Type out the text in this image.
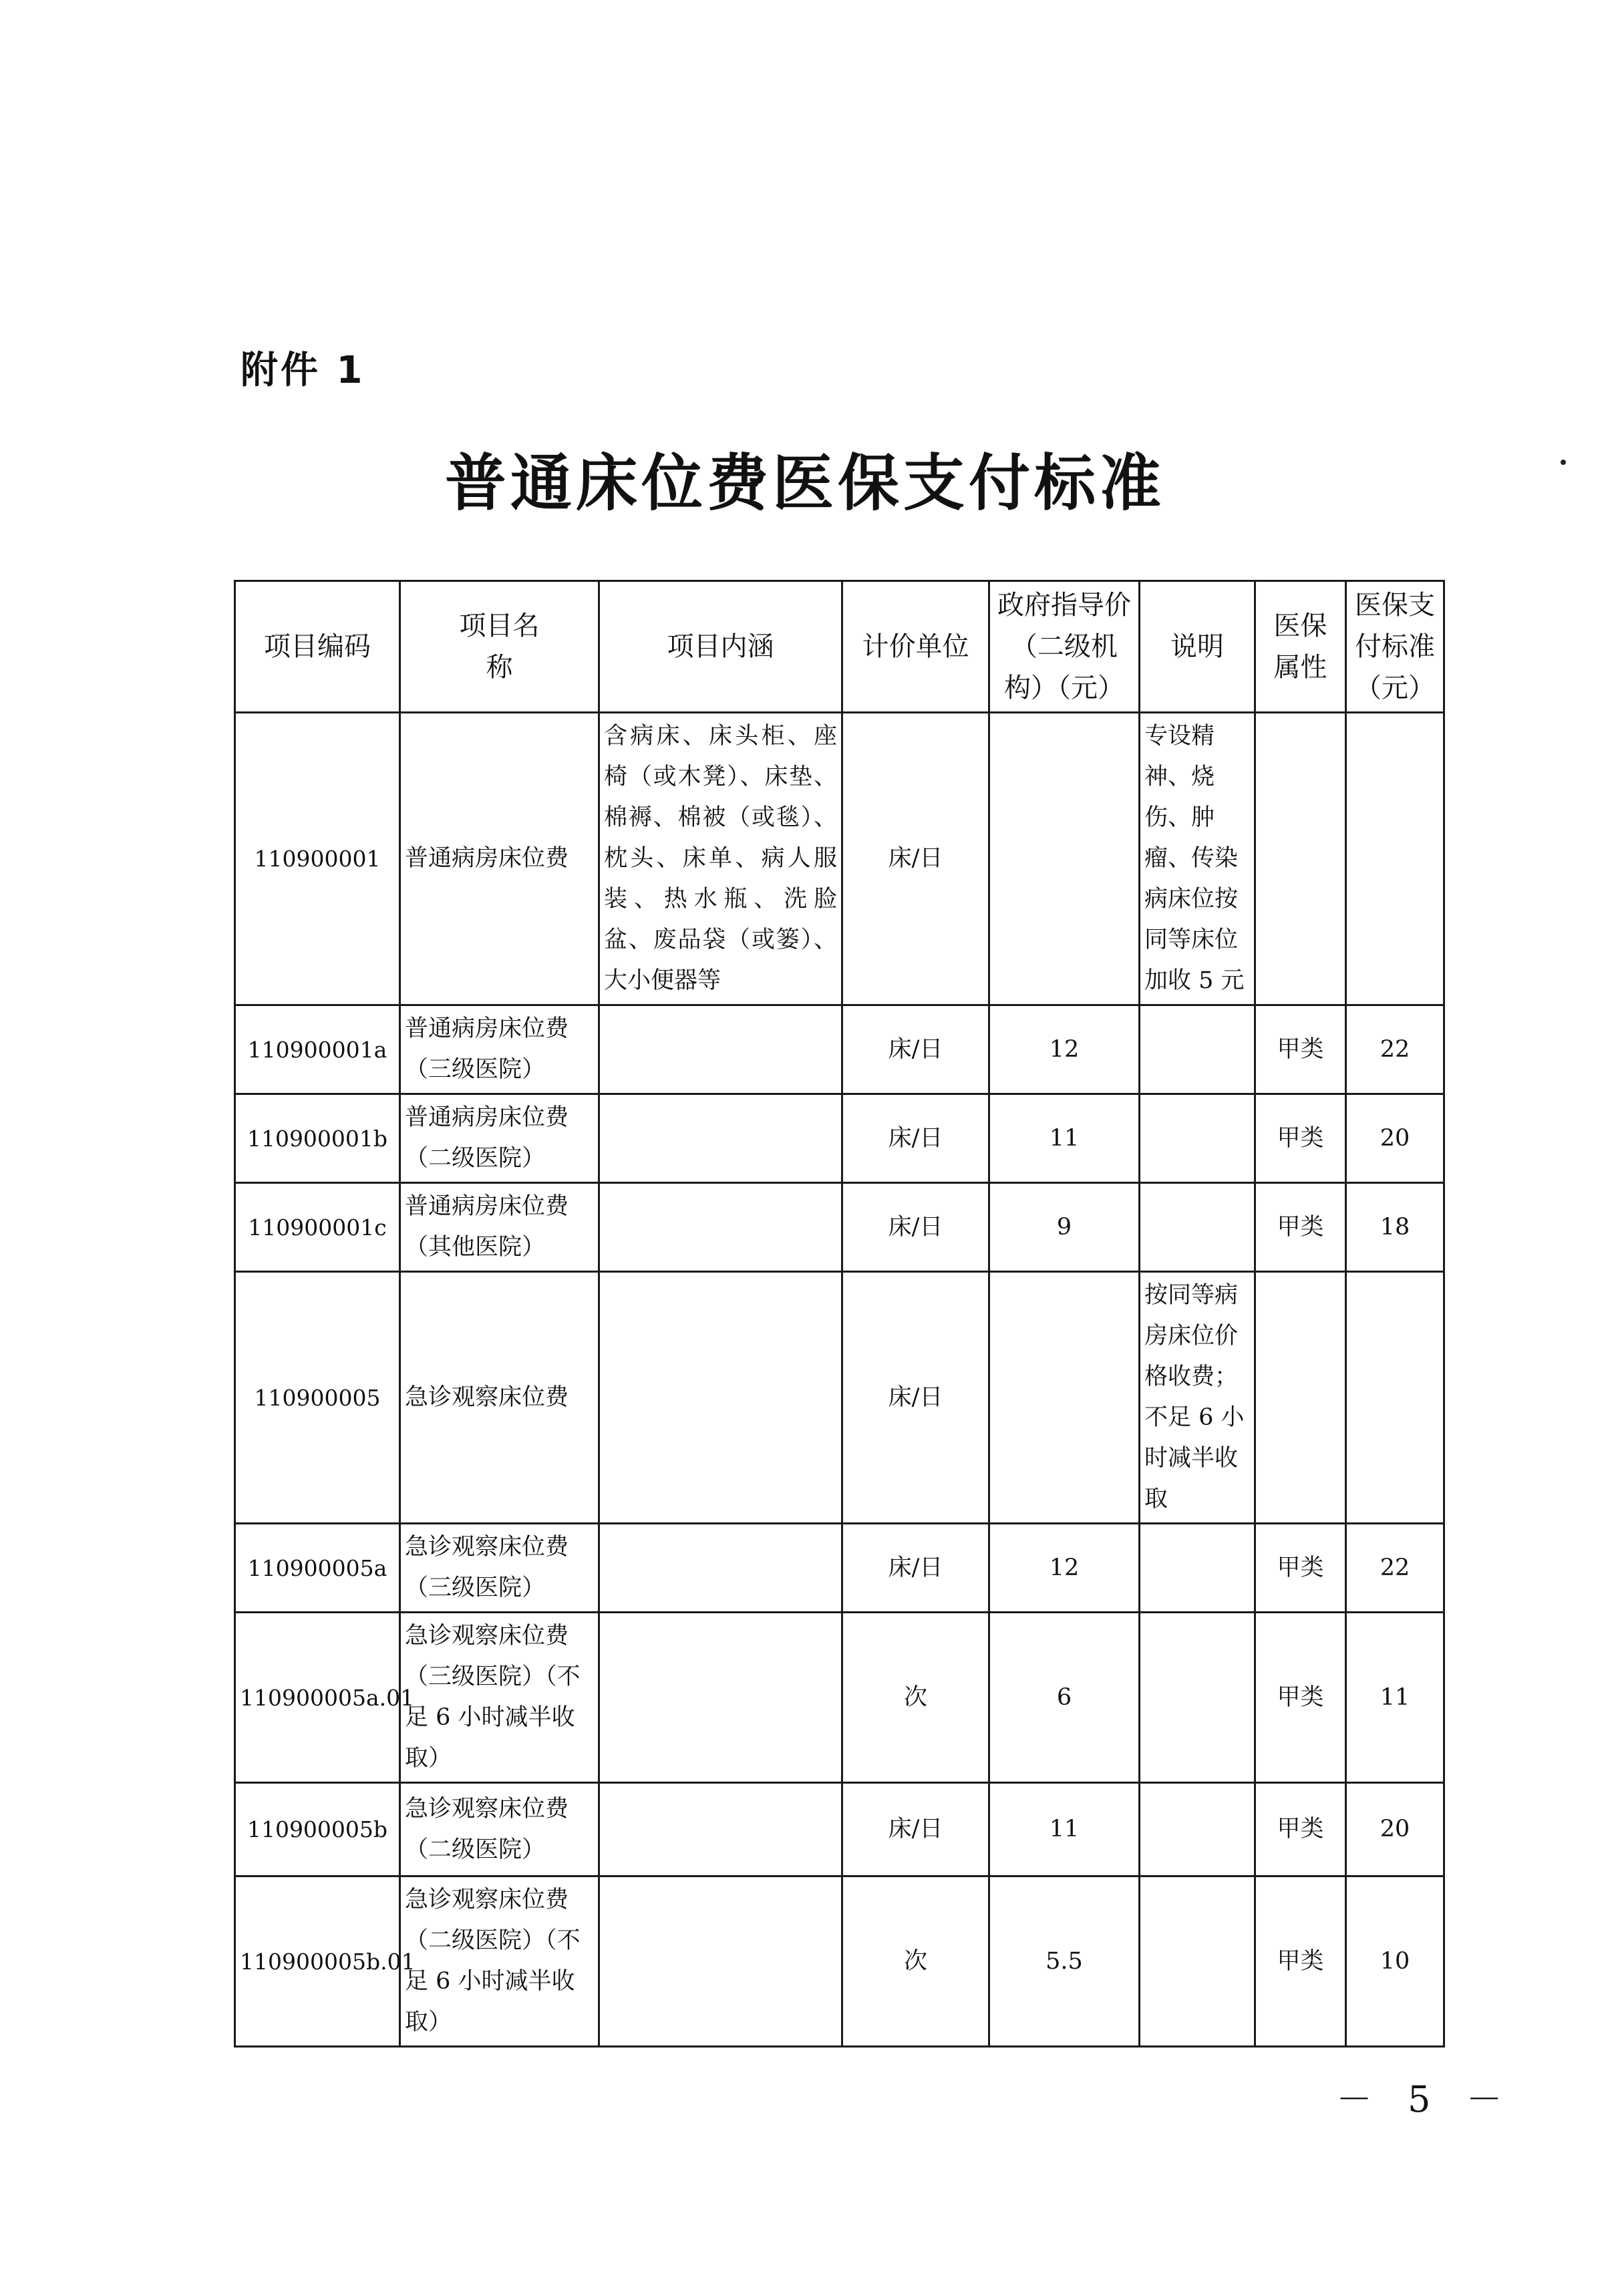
附件 1
普通床位费医保支付标准
项目编码	项目名称	项目内涵	计价单位	政府指导价（二级机构）（元）	说明	医保属性	医保支付标准（元）
110900001	普通病房床位费	含病床、床头柜、座椅（或木凳）、床垫、棉褥、棉被（或毯）、枕头、床单、病人服装、热水瓶、洗脸盆、废品袋（或篓）、大小便器等	床/日		专设精神、烧伤、肿瘤、传染病床位按同等床位加收 5 元		
110900001a	普通病房床位费（三级医院）		床/日	12		甲类	22
110900001b	普通病房床位费（二级医院）		床/日	11		甲类	20
110900001c	普通病房床位费（其他医院）		床/日	9		甲类	18
110900005	急诊观察床位费		床/日		按同等病房床位价格收费；不足 6 小时减半收取		
110900005a	急诊观察床位费（三级医院）		床/日	12		甲类	22
110900005a.01	急诊观察床位费（三级医院）（不足 6 小时减半收取）		次	6		甲类	11
110900005b	急诊观察床位费（二级医院）		床/日	11		甲类	20
110900005b.01	急诊观察床位费（二级医院）（不足 6 小时减半收取）		次	5.5		甲类	10
－ 5 －
